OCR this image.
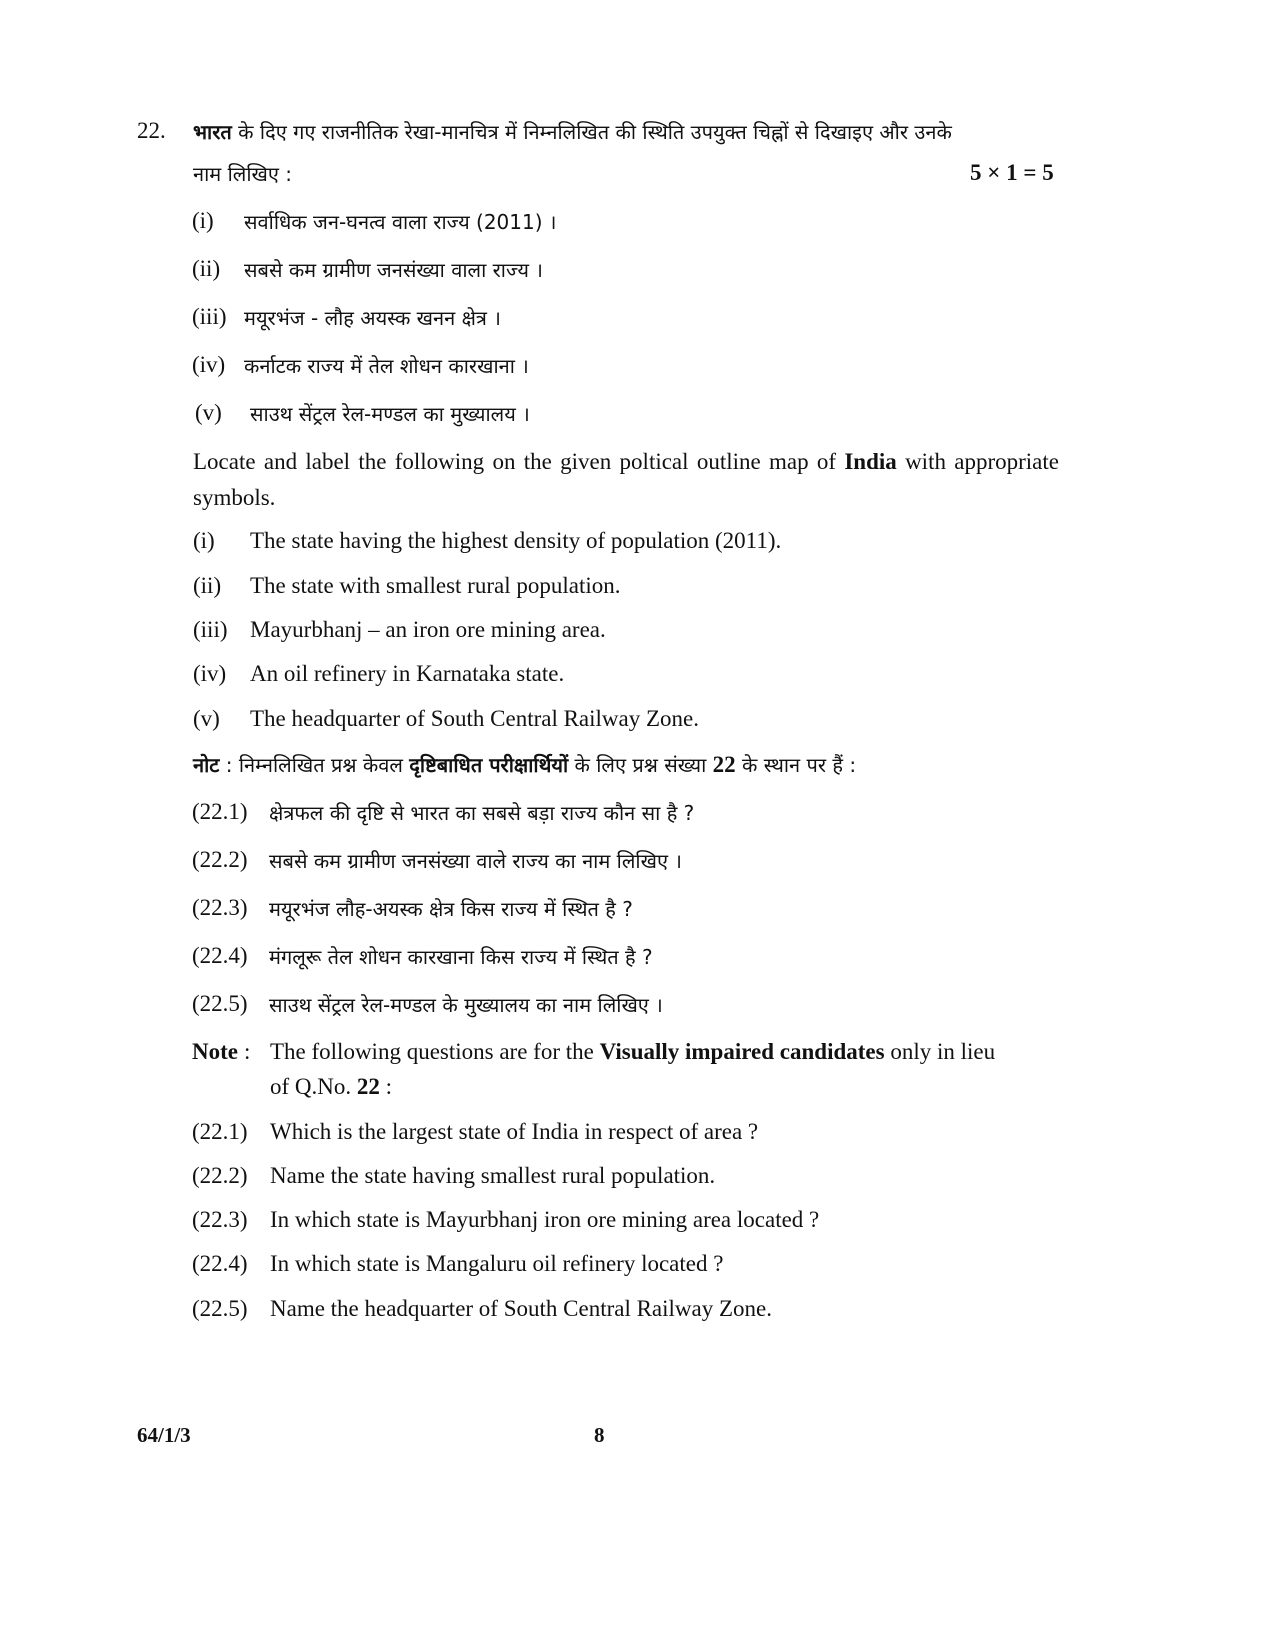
22. भारत के दिए गए राजनीतिक रेखा-मानचित्र में निम्नलिखित की स्थिति उपयुक्त चिह्नों से दिखाइए और उनके
नाम लिखिए :	5 × 1 = 5
(i) सर्वाधिक जन-घनत्व वाला राज्य (2011) ।
(ii) सबसे कम ग्रामीण जनसंख्या वाला राज्य ।
(iii) मयूरभंज - लौह अयस्क खनन क्षेत्र ।
(iv) कर्नाटक राज्य में तेल शोधन कारखाना ।
(v) साउथ सेंट्रल रेल-मण्डल का मुख्यालय ।
Locate and label the following on the given poltical outline map of India with appropriate symbols.
(i) The state having the highest density of population (2011).
(ii) The state with smallest rural population.
(iii) Mayurbhanj – an iron ore mining area.
(iv) An oil refinery in Karnataka state.
(v) The headquarter of South Central Railway Zone.
नोट : निम्नलिखित प्रश्न केवल दृष्टिबाधित परीक्षार्थियों के लिए प्रश्न संख्या 22 के स्थान पर हैं :
(22.1) क्षेत्रफल की दृष्टि से भारत का सबसे बड़ा राज्य कौन सा है ?
(22.2) सबसे कम ग्रामीण जनसंख्या वाले राज्य का नाम लिखिए ।
(22.3) मयूरभंज लौह-अयस्क क्षेत्र किस राज्य में स्थित है ?
(22.4) मंगलूरू तेल शोधन कारखाना किस राज्य में स्थित है ?
(22.5) साउथ सेंट्रल रेल-मण्डल के मुख्यालय का नाम लिखिए ।
Note : The following questions are for the Visually impaired candidates only in lieu
of Q.No. 22 :
(22.1) Which is the largest state of India in respect of area ?
(22.2) Name the state having smallest rural population.
(22.3) In which state is Mayurbhanj iron ore mining area located ?
(22.4) In which state is Mangaluru oil refinery located ?
(22.5) Name the headquarter of South Central Railway Zone.
64/1/3	8
